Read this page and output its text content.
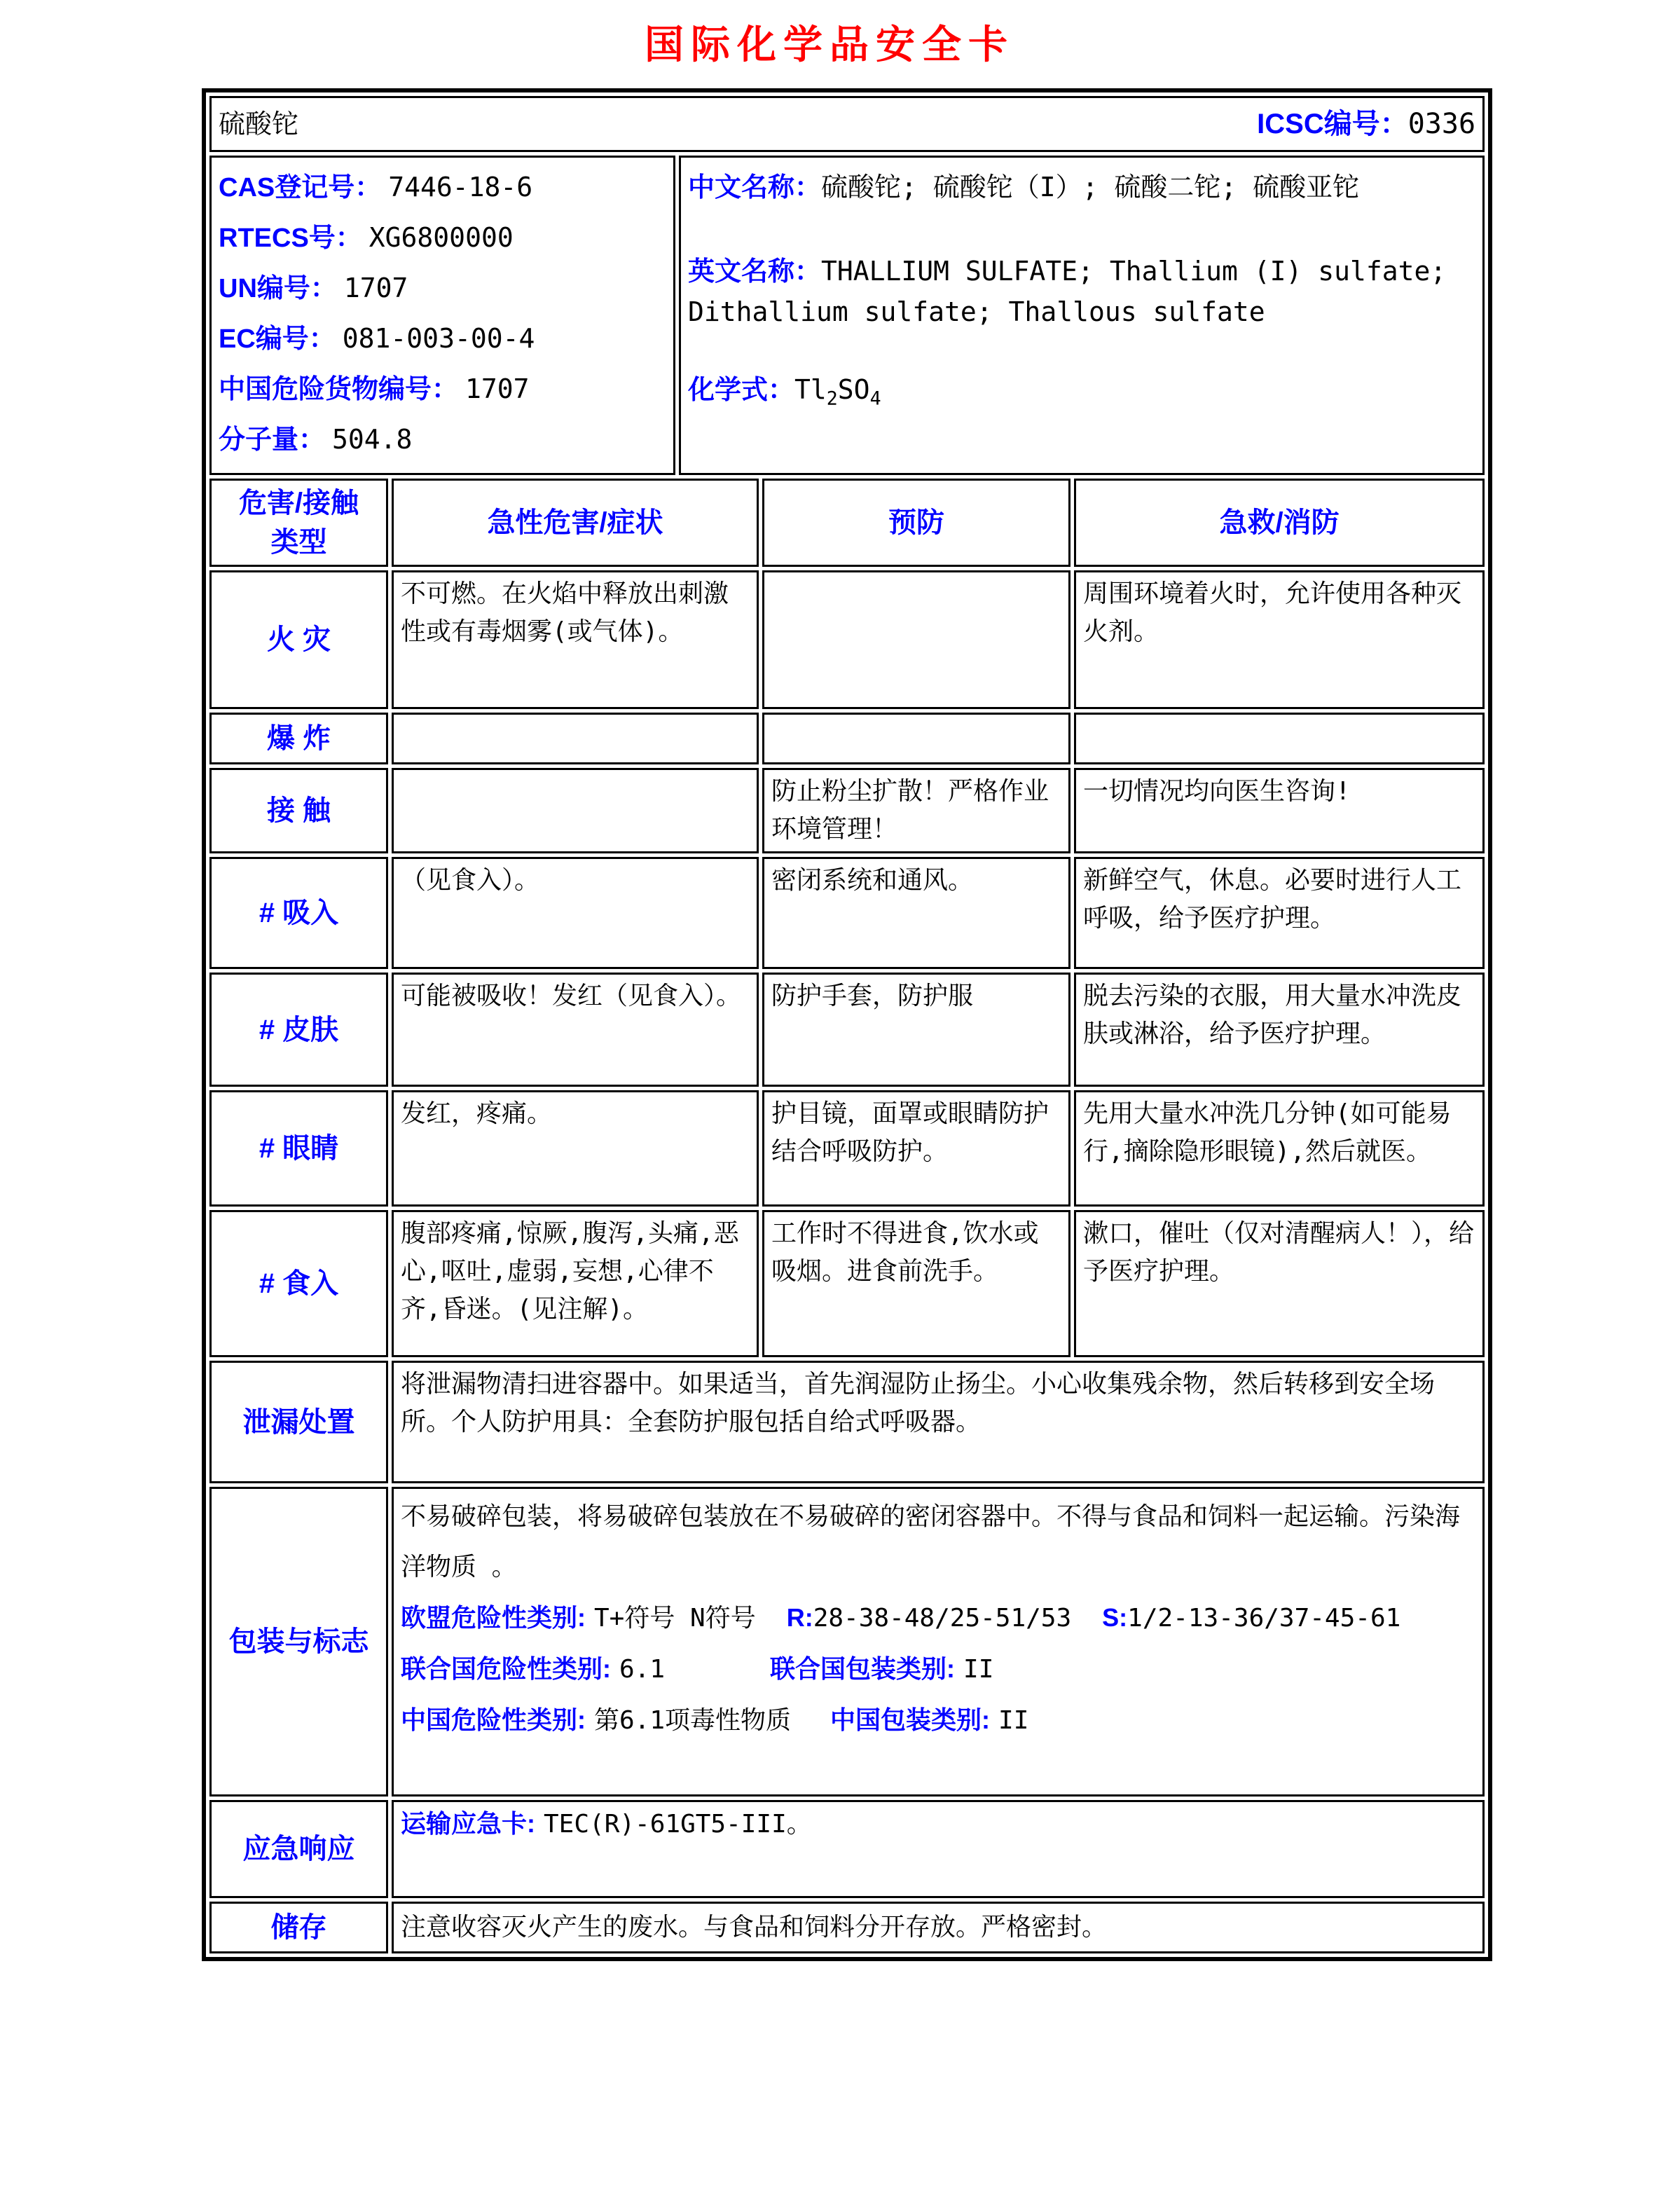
国际化学品安全卡
硫酸铊 ICSC编号：0336				

CAS登记号： 7446-18-6
RTECS号： XG6800000
UN编号： 1707
EC编号： 081-003-00-4
中国危险货物编号： 1707
分子量： 504.8

中文名称：硫酸铊; 硫酸铊（I）; 硫酸二铊; 硫酸亚铊
英文名称：THALLIUM SULFATE; Thallium (I) sulfate; Dithallium sulfate; Thallous sulfate
化学式：$Tl_2SO_4$

危害/接触
类型	急性危害/症状		预防	急救/消防
火 灾	不可燃。在火焰中释放出刺激性或有毒烟雾(或气体)。			周围环境着火时，允许使用各种灭火剂。
爆 炸				
接 触			防止粉尘扩散！严格作业环境管理！	一切情况均向医生咨询!
# 吸入	（见食入）。		密闭系统和通风。	新鲜空气，休息。必要时进行人工呼吸，给予医疗护理。
# 皮肤	可能被吸收！发红（见食入）。		防护手套，防护服	脱去污染的衣服，用大量水冲洗皮肤或淋浴，给予医疗护理。
# 眼睛	发红，疼痛。		护目镜，面罩或眼睛防护结合呼吸防护。	先用大量水冲洗几分钟(如可能易行,摘除隐形眼镜),然后就医。
# 食入	腹部疼痛,惊厥,腹泻,头痛,恶心,呕吐,虚弱,妄想,心律不齐,昏迷。(见注解)。		工作时不得进食,饮水或吸烟。进食前洗手。	漱口，催吐（仅对清醒病人！），给予医疗护理。
泄漏处置	将泄漏物清扫进容器中。如果适当，首先润湿防止扬尘。小心收集残余物，然后转移到安全场所。个人防护用具：全套防护服包括自给式呼吸器。			
包装与标志	不易破碎包装，将易破碎包装放在不易破碎的密闭容器中。不得与食品和饲料一起运输。污染海洋物质 。
欧盟危险性类别: T+符号 N符号 R:28-38-48/25-51/53 S:1/2-13-36/37-45-61
联合国危险性类别: 6.1 联合国包装类别: II
中国危险性类别: 第6.1项毒性物质 中国包装类别: II			

应急响应	运输应急卡: TEC(R)-61GT5-III。			
储存	注意收容灭火产生的废水。与食品和饲料分开存放。严格密封。			
